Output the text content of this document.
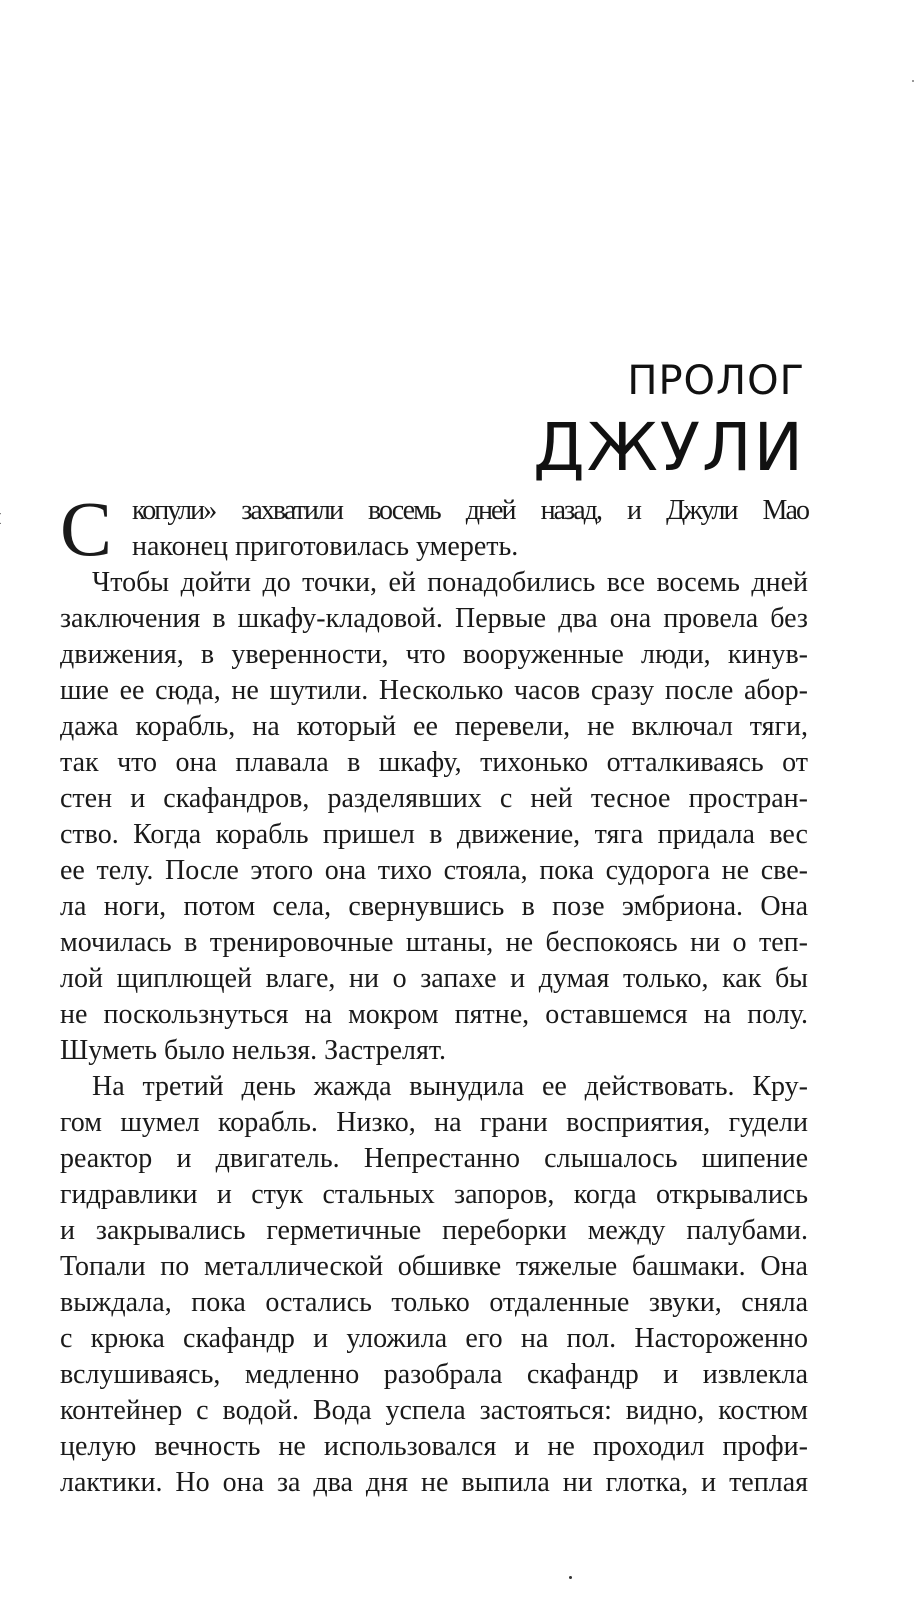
ПРОЛОГ
ДЖУЛИ
С копули» захватили восемь дней назад, и Джули Мао
наконец приготовилась умереть.
Чтобы дойти до точки, ей понадобились все восемь дней
заключения в шкафу-кладовой. Первые два она провела без
движения, в уверенности, что вооруженные люди, кинув-
шие ее сюда, не шутили. Несколько часов сразу после абор-
дажа корабль, на который ее перевели, не включал тяги,
так что она плавала в шкафу, тихонько отталкиваясь от
стен и скафандров, разделявших с ней тесное простран-
ство. Когда корабль пришел в движение, тяга придала вес
ее телу. После этого она тихо стояла, пока судорога не све-
ла ноги, потом села, свернувшись в позе эмбриона. Она
мочилась в тренировочные штаны, не беспокоясь ни о теп-
лой щиплющей влаге, ни о запахе и думая только, как бы
не поскользнуться на мокром пятне, оставшемся на полу.
Шуметь было нельзя. Застрелят.
На третий день жажда вынудила ее действовать. Кру-
гом шумел корабль. Низко, на грани восприятия, гудели
реактор и двигатель. Непрестанно слышалось шипение
гидравлики и стук стальных запоров, когда открывались
и закрывались герметичные переборки между палубами.
Топали по металлической обшивке тяжелые башмаки. Она
выждала, пока остались только отдаленные звуки, сняла
с крюка скафандр и уложила его на пол. Настороженно
вслушиваясь, медленно разобрала скафандр и извлекла
контейнер с водой. Вода успела застояться: видно, костюм
целую вечность не использовался и не проходил профи-
лактики. Но она за два дня не выпила ни глотка, и теплая
